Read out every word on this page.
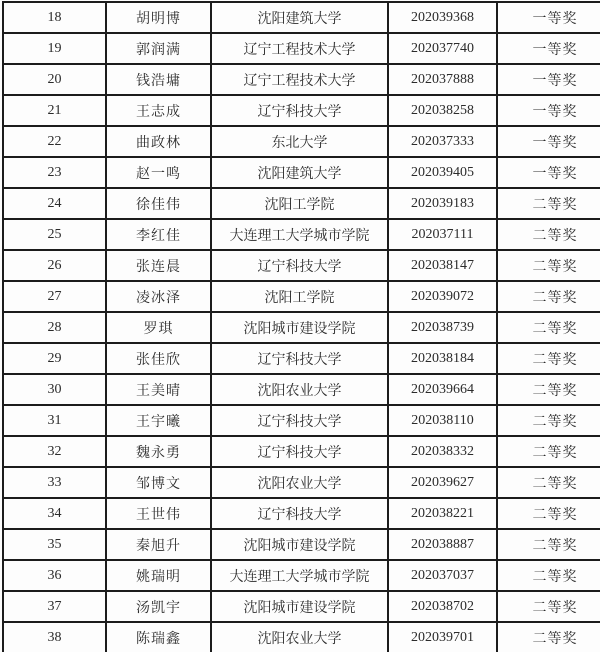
18	胡明博	沈阳建筑大学	202039368	一等奖
19	郭润满	辽宁工程技术大学	202037740	一等奖
20	钱浩墉	辽宁工程技术大学	202037888	一等奖
21	王志成	辽宁科技大学	202038258	一等奖
22	曲政林	东北大学	202037333	一等奖
23	赵一鸣	沈阳建筑大学	202039405	一等奖
24	徐佳伟	沈阳工学院	202039183	二等奖
25	李红佳	大连理工大学城市学院	202037111	二等奖
26	张连晨	辽宁科技大学	202038147	二等奖
27	凌冰泽	沈阳工学院	202039072	二等奖
28	罗琪	沈阳城市建设学院	202038739	二等奖
29	张佳欣	辽宁科技大学	202038184	二等奖
30	王美晴	沈阳农业大学	202039664	二等奖
31	王宇曦	辽宁科技大学	202038110	二等奖
32	魏永勇	辽宁科技大学	202038332	二等奖
33	邹博文	沈阳农业大学	202039627	二等奖
34	王世伟	辽宁科技大学	202038221	二等奖
35	秦旭升	沈阳城市建设学院	202038887	二等奖
36	姚瑞明	大连理工大学城市学院	202037037	二等奖
37	汤凯宇	沈阳城市建设学院	202038702	二等奖
38	陈瑞鑫	沈阳农业大学	202039701	二等奖
